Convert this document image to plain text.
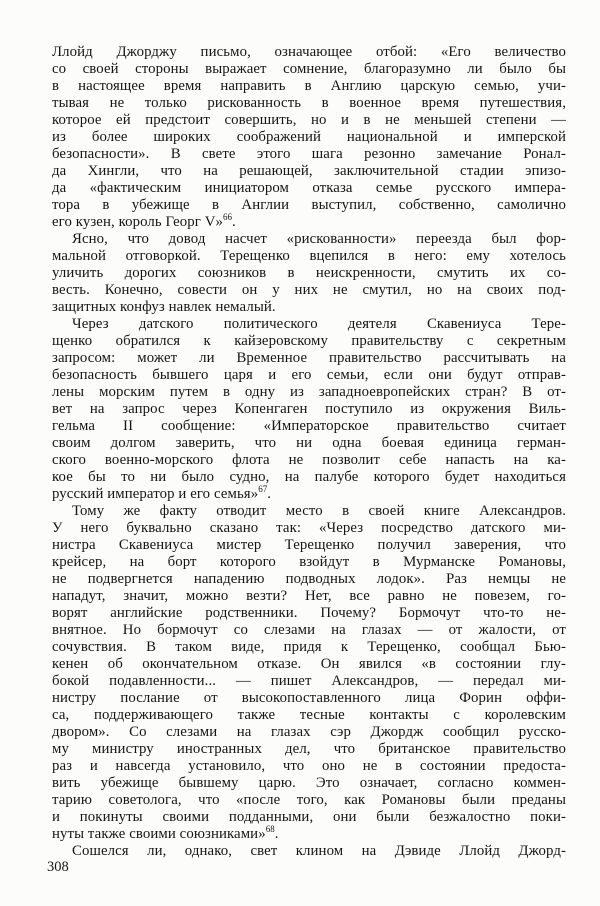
Ллойд Джорджу письмо, означающее отбой: «Его величество
со своей стороны выражает сомнение, благоразумно ли было бы
в настоящее время направить в Англию царскую семью, учи-
тывая не только рискованность в военное время путешествия,
которое ей предстоит совершить, но и в не меньшей степени —
из более широких соображений национальной и имперской
безопасности». В свете этого шага резонно замечание Ронал-
да Хингли, что на решающей, заключительной стадии эпизо-
да «фактическим инициатором отказа семье русского импера-
тора в убежище в Англии выступил, собственно, самолично
его кузен, король Георг V»$^{66}$.
Ясно, что довод насчет «рискованности» переезда был фор-
мальной отговоркой. Терещенко вцепился в него: ему хотелось
уличить дорогих союзников в неискренности, смутить их со-
весть. Конечно, совести он у них не смутил, но на своих под-
защитных конфуз навлек немалый.
Через датского политического деятеля Скавениуса Тере-
щенко обратился к кайзеровскому правительству с секретным
запросом: может ли Временное правительство рассчитывать на
безопасность бывшего царя и его семьи, если они будут отправ-
лены морским путем в одну из западноевропейских стран? В от-
вет на запрос через Копенгаген поступило из окружения Виль-
гельма II сообщение: «Императорское правительство считает
своим долгом заверить, что ни одна боевая единица герман-
ского военно-морского флота не позволит себе напасть на ка-
кое бы то ни было судно, на палубе которого будет находиться
русский император и его семья»$^{67}$.
Тому же факту отводит место в своей книге Александров.
У него буквально сказано так: «Через посредство датского ми-
нистра Скавениуса мистер Терещенко получил заверения, что
крейсер, на борт которого взойдут в Мурманске Романовы,
не подвергнется нападению подводных лодок». Раз немцы не
нападут, значит, можно везти? Нет, все равно не повезем, го-
ворят английские родственники. Почему? Бормочут что-то не-
внятное. Но бормочут со слезами на глазах — от жалости, от
сочувствия. В таком виде, придя к Терещенко, сообщал Бью-
кенен об окончательном отказе. Он явился «в состоянии глу-
бокой подавленности... — пишет Александров, — передал ми-
нистру послание от высокопоставленного лица Форин оффи-
са, поддерживающего также тесные контакты с королевским
двором». Со слезами на глазах сэр Джордж сообщил русско-
му министру иностранных дел, что британское правительство
раз и навсегда установило, что оно не в состоянии предоста-
вить убежище бывшему царю. Это означает, согласно коммен-
тарию советолога, что «после того, как Романовы были преданы
и покинуты своими подданными, они были безжалостно поки-
нуты также своими союзниками»$^{68}$.
Сошелся ли, однако, свет клином на Дэвиде Ллойд Джорд-
308
